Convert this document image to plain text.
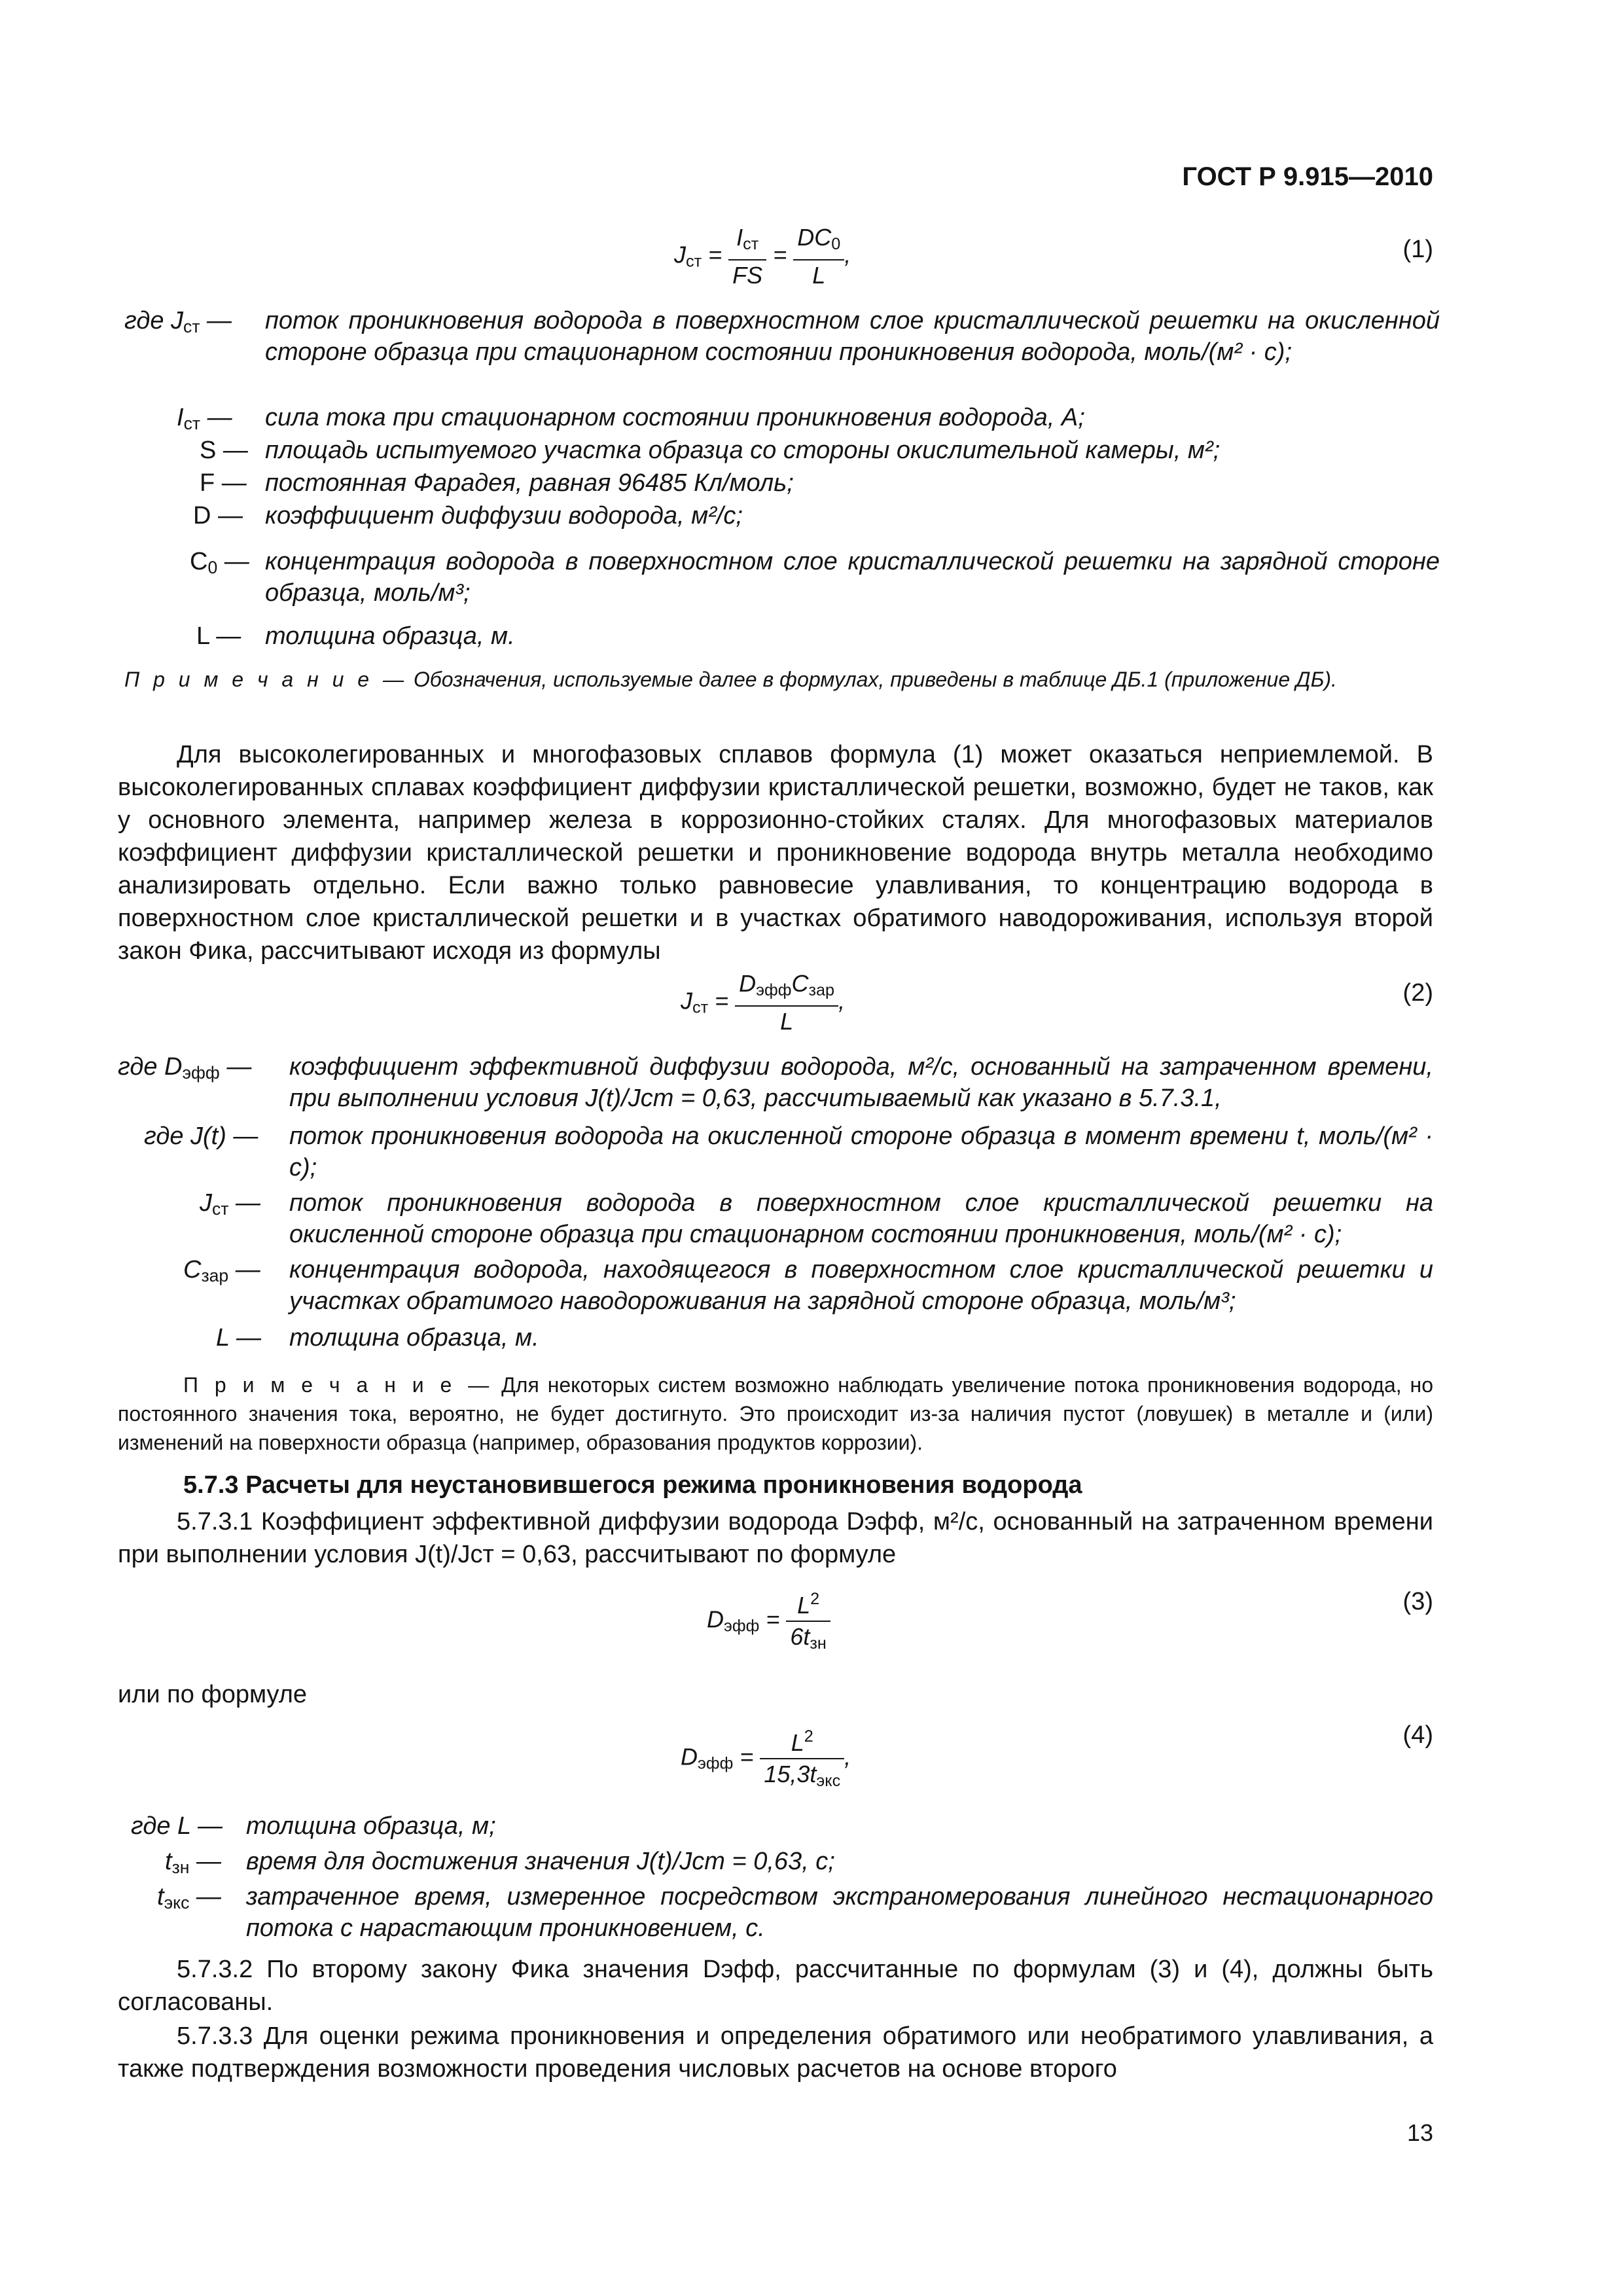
ГОСТ Р 9.915—2010
$J_{ст} = \frac{I_{ст}}{FS} = \frac{DC_0}{L}$ ,	(1)
где $J_{ст}$ — поток проникновения водорода в поверхностном слое кристаллической решетки на окисленной стороне образца при стационарном состоянии проникновения водорода, моль/(м² · с);
$I_{ст}$ — сила тока при стационарном состоянии проникновения водорода, А;
S — площадь испытуемого участка образца со стороны окислительной камеры, м²;
F — постоянная Фарадея, равная 96485 Кл/моль;
D — коэффициент диффузии водорода, м²/с;
$C_0$ — концентрация водорода в поверхностном слое кристаллической решетки на зарядной стороне образца, моль/м³;
L — толщина образца, м.
П р и м е ч а н и е — Обозначения, используемые далее в формулах, приведены в таблице ДБ.1 (приложение ДБ).
Для высоколегированных и многофазовых сплавов формула (1) может оказаться неприемлемой. В высоколегированных сплавах коэффициент диффузии кристаллической решетки, возможно, будет не таков, как у основного элемента, например железа в коррозионно-стойких сталях. Для многофазовых материалов коэффициент диффузии кристаллической решетки и проникновение водорода внутрь металла необходимо анализировать отдельно. Если важно только равновесие улавливания, то концентрацию водорода в поверхностном слое кристаллической решетки и в участках обратимого наводороживания, используя второй закон Фика, рассчитывают исходя из формулы
$J_{ст} = \frac{D_{эфф}C_{зар}}{L}$ ,	(2)
где $D_{эфф}$ — коэффициент эффективной диффузии водорода, м²/с, основанный на затраченном времени, при выполнении условия J(t)/Jст = 0,63, рассчитываемый как указано в 5.7.3.1,
где J(t) — поток проникновения водорода на окисленной стороне образца в момент времени t, моль/(м² · с);
$J_{ст}$ — поток проникновения водорода в поверхностном слое кристаллической решетки на окисленной стороне образца при стационарном состоянии проникновения, моль/(м² · с);
$C_{зар}$ — концентрация водорода, находящегося в поверхностном слое кристаллической решетки и участках обратимого наводороживания на зарядной стороне образца, моль/м³;
L — толщина образца, м.
П р и м е ч а н и е — Для некоторых систем возможно наблюдать увеличение потока проникновения водорода, но постоянного значения тока, вероятно, не будет достигнуто. Это происходит из-за наличия пустот (ловушек) в металле и (или) изменений на поверхности образца (например, образования продуктов коррозии).
5.7.3 Расчеты для неустановившегося режима проникновения водорода
5.7.3.1 Коэффициент эффективной диффузии водорода Dэфф, м²/с, основанный на затраченном времени при выполнении условия J(t)/Jст = 0,63, рассчитывают по формуле
$D_{эфф} = \frac{L^2}{6t_{зн}}$	(3)
или по формуле
$D_{эфф} = \frac{L^2}{15,3t_{экс}}$ ,
(4)
где L — толщина образца, м;
$t_{зн}$ — время для достижения значения J(t)/Jст = 0,63, с;
$t_{экс}$ — затраченное время, измеренное посредством экстраномерования линейного нестационарного потока с нарастающим проникновением, с.
5.7.3.2 По второму закону Фика значения Dэфф, рассчитанные по формулам (3) и (4), должны быть согласованы.
5.7.3.3 Для оценки режима проникновения и определения обратимого или необратимого улавливания, а также подтверждения возможности проведения числовых расчетов на основе второго
13
